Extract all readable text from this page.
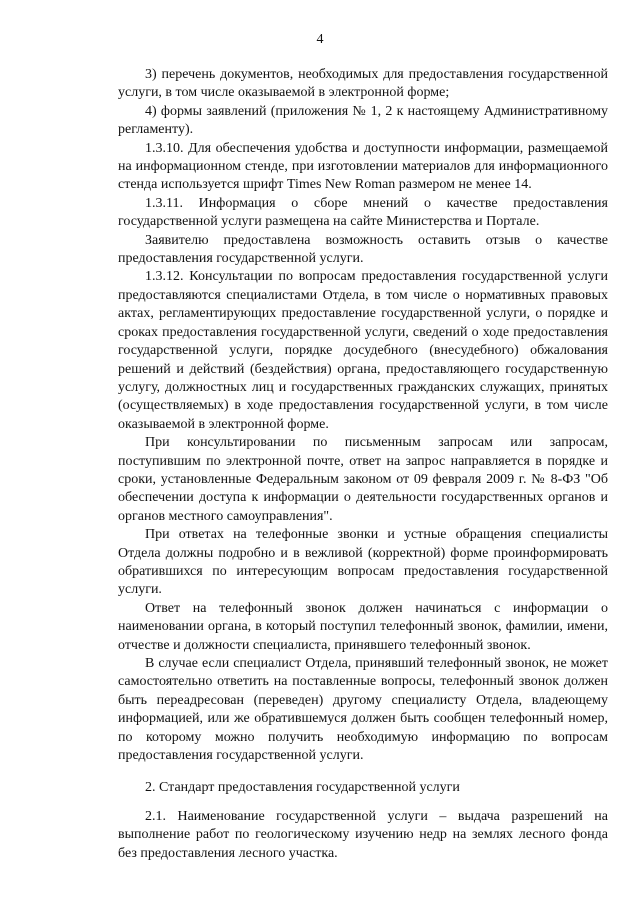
4

3) перечень документов, необходимых для предоставления государственной услуги, в том числе оказываемой в электронной форме;

4) формы заявлений (приложения № 1, 2 к настоящему Административному регламенту).

1.3.10. Для обеспечения удобства и доступности информации, размещаемой на информационном стенде, при изготовлении материалов для информационного стенда используется шрифт Times New Roman размером не менее 14.

1.3.11. Информация о сборе мнений о качестве предоставления государственной услуги размещена на сайте Министерства и Портале.

Заявителю предоставлена возможность оставить отзыв о качестве предоставления государственной услуги.

1.3.12. Консультации по вопросам предоставления государственной услуги предоставляются специалистами Отдела, в том числе о нормативных правовых актах, регламентирующих предоставление государственной услуги, о порядке и сроках предоставления государственной услуги, сведений о ходе предоставления государственной услуги, порядке досудебного (внесудебного) обжалования решений и действий (бездействия) органа, предоставляющего государственную услугу, должностных лиц и государственных гражданских служащих, принятых (осуществляемых) в ходе предоставления государственной услуги, в том числе оказываемой в электронной форме.

При консультировании по письменным запросам или запросам, поступившим по электронной почте, ответ на запрос направляется в порядке и сроки, установленные Федеральным законом от 09 февраля 2009 г. № 8-ФЗ "Об обеспечении доступа к информации о деятельности государственных органов и органов местного самоуправления".

При ответах на телефонные звонки и устные обращения специалисты Отдела должны подробно и в вежливой (корректной) форме проинформировать обратившихся по интересующим вопросам предоставления государственной услуги.

Ответ на телефонный звонок должен начинаться с информации о наименовании органа, в который поступил телефонный звонок, фамилии, имени, отчестве и должности специалиста, принявшего телефонный звонок.

В случае если специалист Отдела, принявший телефонный звонок, не может самостоятельно ответить на поставленные вопросы, телефонный звонок должен быть переадресован (переведен) другому специалисту Отдела, владеющему информацией, или же обратившемуся должен быть сообщен телефонный номер, по которому можно получить необходимую информацию по вопросам предоставления государственной услуги.

2. Стандарт предоставления государственной услуги

2.1. Наименование государственной услуги – выдача разрешений на выполнение работ по геологическому изучению недр на землях лесного фонда без предоставления лесного участка.
